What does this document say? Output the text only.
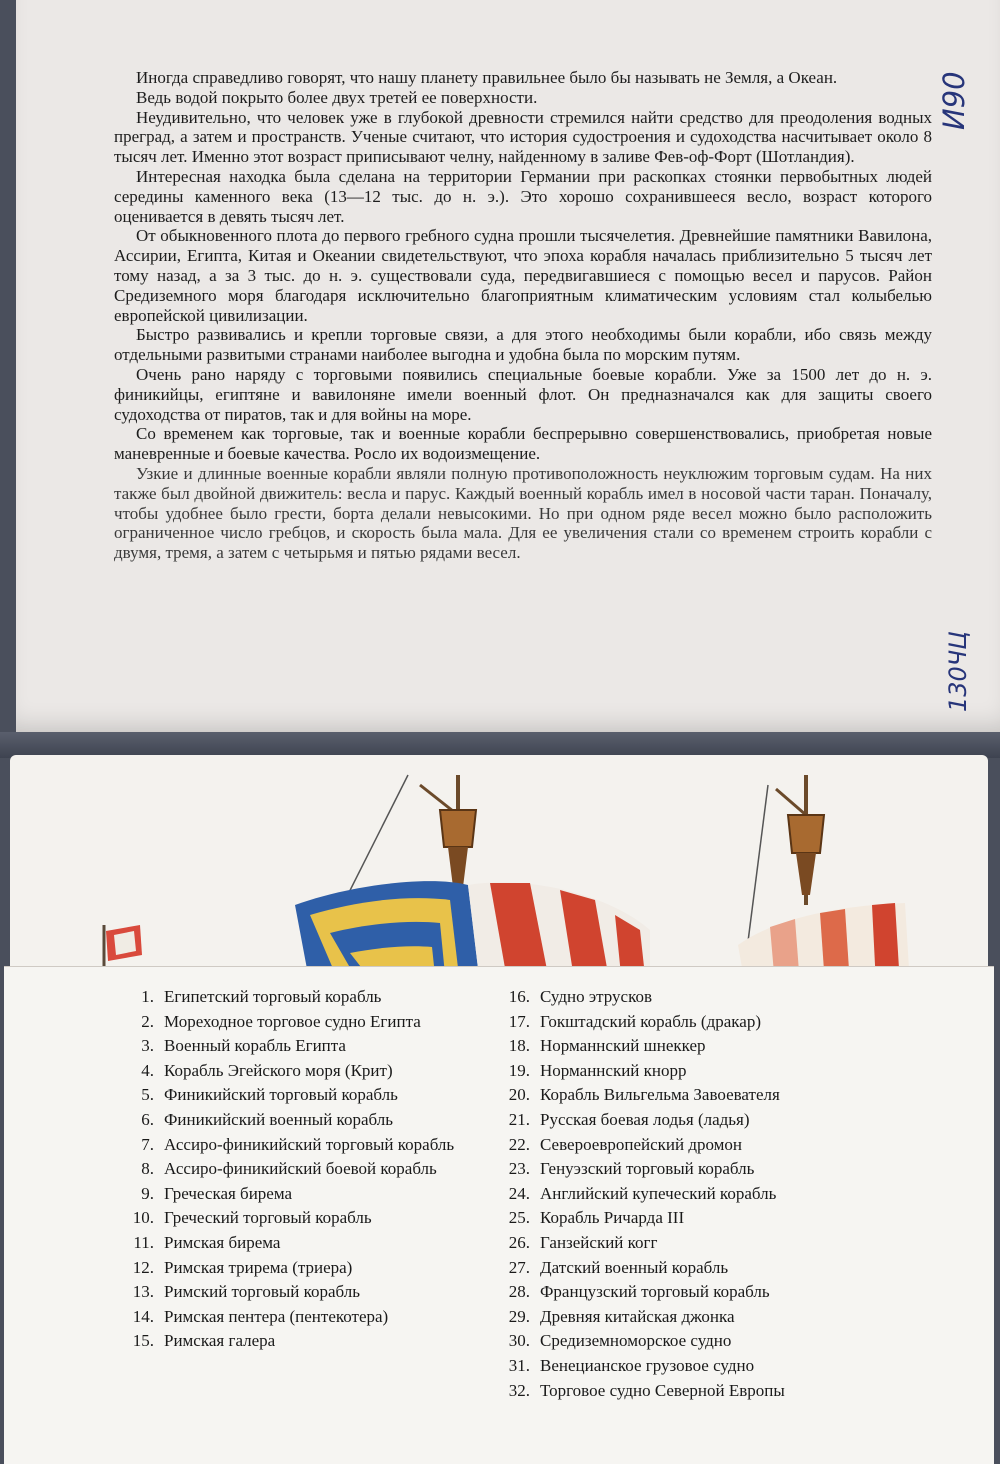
Иногда справедливо говорят, что нашу планету правильнее было бы называть не Земля, а Океан.

Ведь водой покрыто более двух третей ее поверхности.

Неудивительно, что человек уже в глубокой древности стремился найти средство для преодоления водных преград, а затем и пространств. Ученые считают, что история судостроения и судоходства насчитывает около 8 тысяч лет. Именно этот возраст приписывают челну, найденному в заливе Фев-оф-Форт (Шотландия).

Интересная находка была сделана на территории Германии при раскопках стоянки первобытных людей середины каменного века (13—12 тыс. до н. э.). Это хорошо сохранившееся весло, возраст которого оценивается в девять тысяч лет.

От обыкновенного плота до первого гребного судна прошли тысячелетия. Древнейшие памятники Вавилона, Ассирии, Египта, Китая и Океании свидетельствуют, что эпоха корабля началась приблизительно 5 тысяч лет тому назад, а за 3 тыс. до н. э. существовали суда, передвигавшиеся с помощью весел и парусов. Район Средиземного моря благодаря исключительно благоприятным климатическим условиям стал колыбелью европейской цивилизации.

Быстро развивались и крепли торговые связи, а для этого необходимы были корабли, ибо связь между отдельными развитыми странами наиболее выгодна и удобна была по морским путям.

Очень рано наряду с торговыми появились специальные боевые корабли. Уже за 1500 лет до н. э. финикийцы, египтяне и вавилоняне имели военный флот. Он предназначался как для защиты своего судоходства от пиратов, так и для войны на море.

Со временем как торговые, так и военные корабли беспрерывно совершенствовались, приобретая новые маневренные и боевые качества. Росло их водоизмещение.

Узкие и длинные военные корабли являли полную противоположность неуклюжим торговым судам. На них также был двойной движитель: весла и парус. Каждый военный корабль имел в носовой части таран. Поначалу, чтобы удобнее было грести, борта делали невысокими. Но при одном ряде весел можно было расположить ограниченное число гребцов, и скорость была мала. Для ее увеличения стали со временем строить корабли с двумя, тремя, а затем с четырьмя и пятью рядами весел.

И90
130ЧЦ
1. Египетский торговый корабль
2. Мореходное торговое судно Египта
3. Военный корабль Египта
4. Корабль Эгейского моря (Крит)
5. Финикийский торговый корабль
6. Финикийский военный корабль
7. Ассиро-финикийский торговый корабль
8. Ассиро-финикийский боевой корабль
9. Греческая бирема
10. Греческий торговый корабль
11. Римская бирема
12. Римская трирема (триера)
13. Римский торговый корабль
14. Римская пентера (пентекотера)
15. Римская галера
16. Судно этрусков
17. Гокштадский корабль (дракар)
18. Норманнский шнеккер
19. Норманнский кнорр
20. Корабль Вильгельма Завоевателя
21. Русская боевая лодья (ладья)
22. Североевропейский дромон
23. Генуэзский торговый корабль
24. Английский купеческий корабль
25. Корабль Ричарда III
26. Ганзейский когг
27. Датский военный корабль
28. Французский торговый корабль
29. Древняя китайская джонка
30. Средиземноморское судно
31. Венецианское грузовое судно
32. Торговое судно Северной Европы
